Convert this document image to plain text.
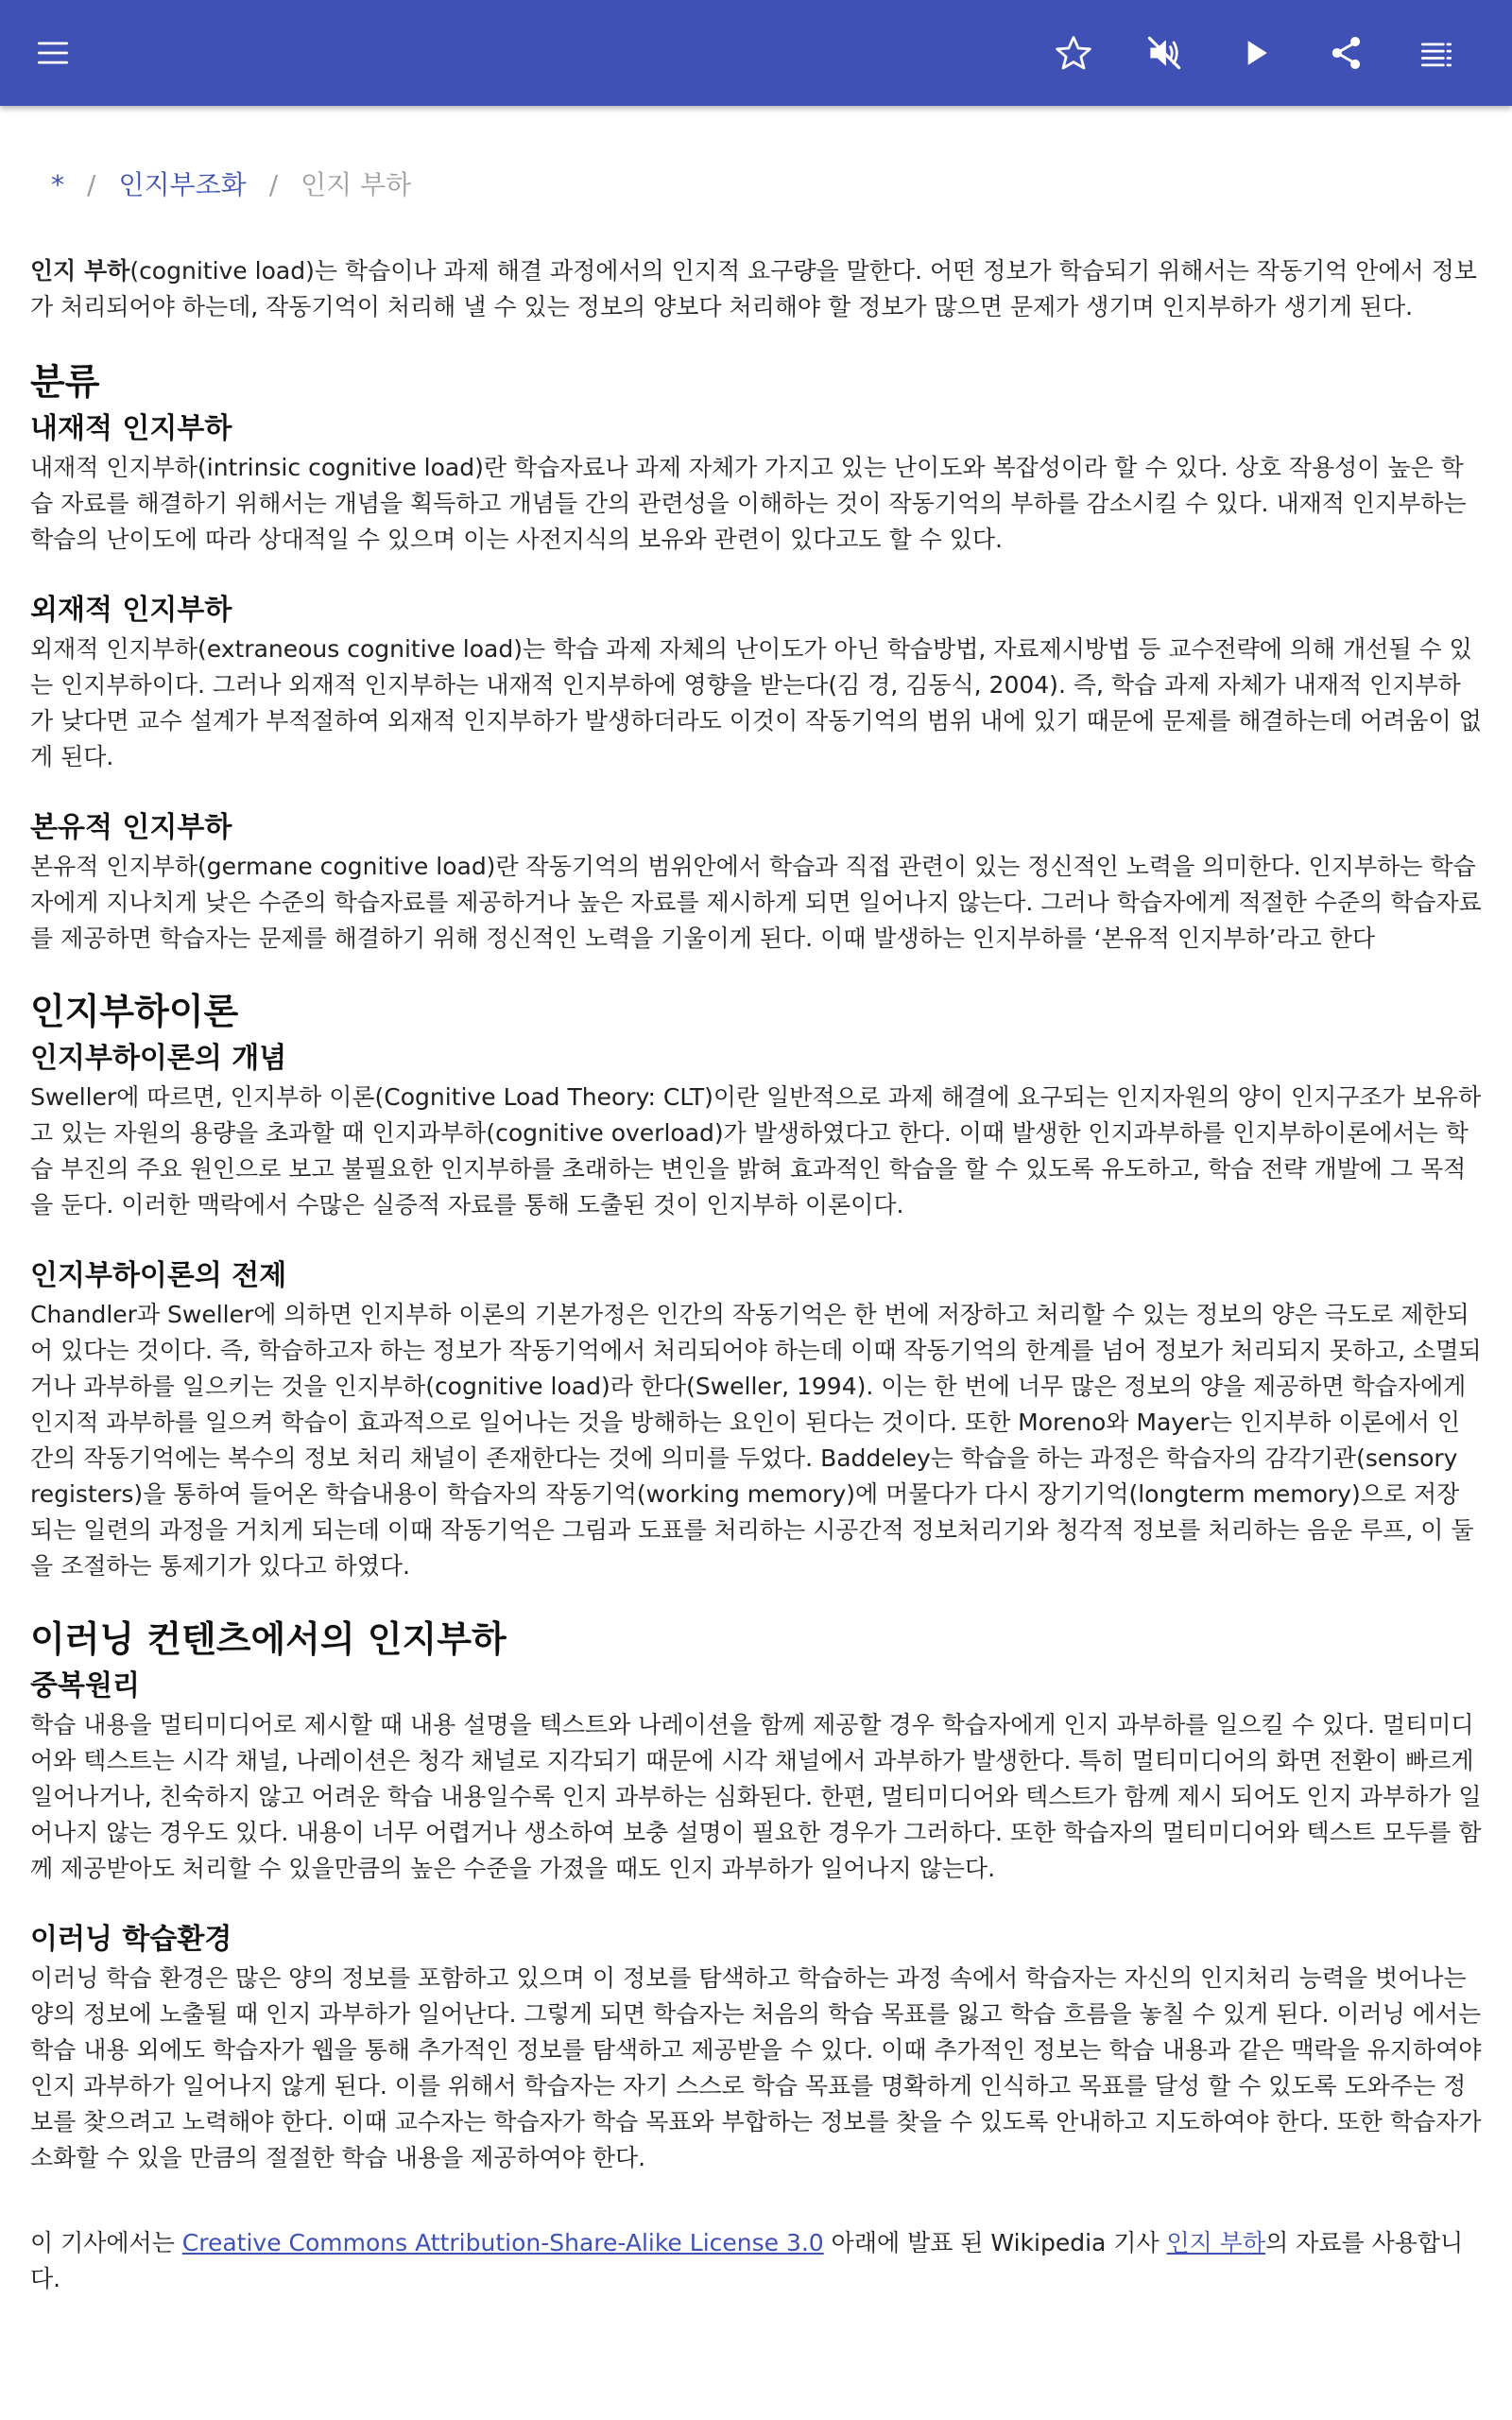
* / 인지부조화 / 인지 부하

인지 부하(cognitive load)는 학습이나 과제 해결 과정에서의 인지적 요구량을 말한다. 어떤 정보가 학습되기 위해서는 작동기억 안에서 정보가 처리되어야 하는데, 작동기억이 처리해 낼 수 있는 정보의 양보다 처리해야 할 정보가 많으면 문제가 생기며 인지부하가 생기게 된다.

분류
내재적 인지부하

내재적 인지부하(intrinsic cognitive load)란 학습자료나 과제 자체가 가지고 있는 난이도와 복잡성이라 할 수 있다. 상호 작용성이 높은 학습 자료를 해결하기 위해서는 개념을 획득하고 개념들 간의 관련성을 이해하는 것이 작동기억의 부하를 감소시킬 수 있다. 내재적 인지부하는 학습의 난이도에 따라 상대적일 수 있으며 이는 사전지식의 보유와 관련이 있다고도 할 수 있다.

외재적 인지부하

외재적 인지부하(extraneous cognitive load)는 학습 과제 자체의 난이도가 아닌 학습방법, 자료제시방법 등 교수전략에 의해 개선될 수 있는 인지부하이다. 그러나 외재적 인지부하는 내재적 인지부하에 영향을 받는다(김 경, 김동식, 2004). 즉, 학습 과제 자체가 내재적 인지부하가 낮다면 교수 설계가 부적절하여 외재적 인지부하가 발생하더라도 이것이 작동기억의 범위 내에 있기 때문에 문제를 해결하는데 어려움이 없게 된다.

본유적 인지부하

본유적 인지부하(germane cognitive load)란 작동기억의 범위안에서 학습과 직접 관련이 있는 정신적인 노력을 의미한다. 인지부하는 학습자에게 지나치게 낮은 수준의 학습자료를 제공하거나 높은 자료를 제시하게 되면 일어나지 않는다. 그러나 학습자에게 적절한 수준의 학습자료를 제공하면 학습자는 문제를 해결하기 위해 정신적인 노력을 기울이게 된다. 이때 발생하는 인지부하를 ‘본유적 인지부하’라고 한다

인지부하이론
인지부하이론의 개념

Sweller에 따르면, 인지부하 이론(Cognitive Load Theory: CLT)이란 일반적으로 과제 해결에 요구되는 인지자원의 양이 인지구조가 보유하고 있는 자원의 용량을 초과할 때 인지과부하(cognitive overload)가 발생하였다고 한다. 이때 발생한 인지과부하를 인지부하이론에서는 학습 부진의 주요 원인으로 보고 불필요한 인지부하를 초래하는 변인을 밝혀 효과적인 학습을 할 수 있도록 유도하고, 학습 전략 개발에 그 목적을 둔다. 이러한 맥락에서 수많은 실증적 자료를 통해 도출된 것이 인지부하 이론이다.

인지부하이론의 전제

Chandler과 Sweller에 의하면 인지부하 이론의 기본가정은 인간의 작동기억은 한 번에 저장하고 처리할 수 있는 정보의 양은 극도로 제한되어 있다는 것이다. 즉, 학습하고자 하는 정보가 작동기억에서 처리되어야 하는데 이때 작동기억의 한계를 넘어 정보가 처리되지 못하고, 소멸되거나 과부하를 일으키는 것을 인지부하(cognitive load)라 한다(Sweller, 1994). 이는 한 번에 너무 많은 정보의 양을 제공하면 학습자에게 인지적 과부하를 일으켜 학습이 효과적으로 일어나는 것을 방해하는 요인이 된다는 것이다. 또한 Moreno와 Mayer는 인지부하 이론에서 인간의 작동기억에는 복수의 정보 처리 채널이 존재한다는 것에 의미를 두었다. Baddeley는 학습을 하는 과정은 학습자의 감각기관(sensory registers)을 통하여 들어온 학습내용이 학습자의 작동기억(working memory)에 머물다가 다시 장기기억(longterm memory)으로 저장되는 일련의 과정을 거치게 되는데 이때 작동기억은 그림과 도표를 처리하는 시공간적 정보처리기와 청각적 정보를 처리하는 음운 루프, 이 둘을 조절하는 통제기가 있다고 하였다.

이러닝 컨텐츠에서의 인지부하
중복원리

학습 내용을 멀티미디어로 제시할 때 내용 설명을 텍스트와 나레이션을 함께 제공할 경우 학습자에게 인지 과부하를 일으킬 수 있다. 멀티미디어와 텍스트는 시각 채널, 나레이션은 청각 채널로 지각되기 때문에 시각 채널에서 과부하가 발생한다. 특히 멀티미디어의 화면 전환이 빠르게 일어나거나, 친숙하지 않고 어려운 학습 내용일수록 인지 과부하는 심화된다. 한편, 멀티미디어와 텍스트가 함께 제시 되어도 인지 과부하가 일어나지 않는 경우도 있다. 내용이 너무 어렵거나 생소하여 보충 설명이 필요한 경우가 그러하다. 또한 학습자의 멀티미디어와 텍스트 모두를 함께 제공받아도 처리할 수 있을만큼의 높은 수준을 가졌을 때도 인지 과부하가 일어나지 않는다.

이러닝 학습환경

이러닝 학습 환경은 많은 양의 정보를 포함하고 있으며 이 정보를 탐색하고 학습하는 과정 속에서 학습자는 자신의 인지처리 능력을 벗어나는 양의 정보에 노출될 때 인지 과부하가 일어난다. 그렇게 되면 학습자는 처음의 학습 목표를 잃고 학습 흐름을 놓칠 수 있게 된다. 이러닝 에서는 학습 내용 외에도 학습자가 웹을 통해 추가적인 정보를 탐색하고 제공받을 수 있다. 이때 추가적인 정보는 학습 내용과 같은 맥락을 유지하여야 인지 과부하가 일어나지 않게 된다. 이를 위해서 학습자는 자기 스스로 학습 목표를 명확하게 인식하고 목표를 달성 할 수 있도록 도와주는 정보를 찾으려고 노력해야 한다. 이때 교수자는 학습자가 학습 목표와 부합하는 정보를 찾을 수 있도록 안내하고 지도하여야 한다. 또한 학습자가 소화할 수 있을 만큼의 절절한 학습 내용을 제공하여야 한다.

이 기사에서는 Creative Commons Attribution-Share-Alike License 3.0 아래에 발표 된 Wikipedia 기사 인지 부하의 자료를 사용합니다.
